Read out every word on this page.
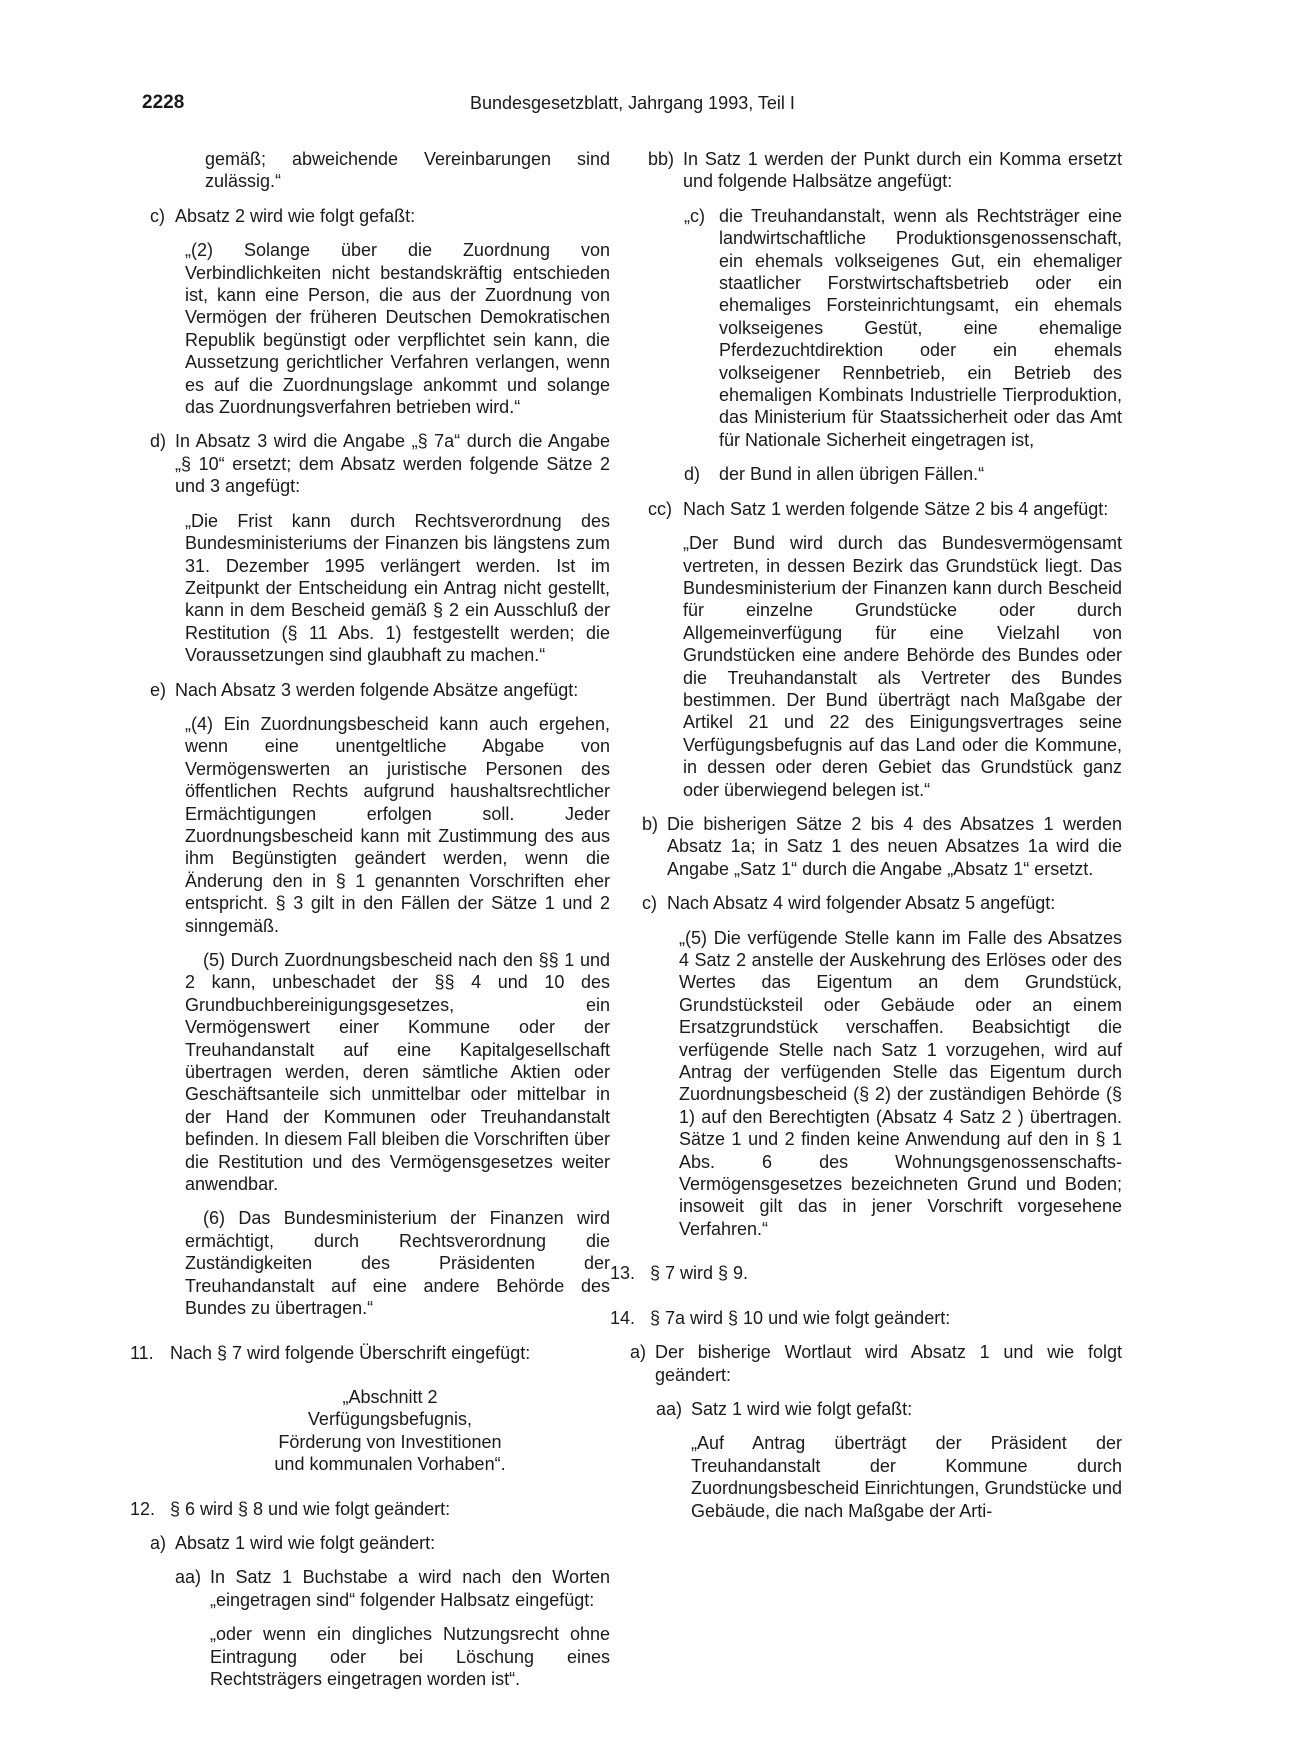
2228	Bundesgesetzblatt, Jahrgang 1993, Teil I

gemäß; abweichende Vereinbarungen sind zulässig.“

c) Absatz 2 wird wie folgt gefaßt:

„(2) Solange über die Zuordnung von Verbindlichkeiten nicht bestandskräftig entschieden ist, kann eine Person, die aus der Zuordnung von Vermögen der früheren Deutschen Demokratischen Republik begünstigt oder verpflichtet sein kann, die Aussetzung gerichtlicher Verfahren verlangen, wenn es auf die Zuordnungslage ankommt und solange das Zuordnungsverfahren betrieben wird.“

d) In Absatz 3 wird die Angabe „§ 7a“ durch die Angabe „§ 10“ ersetzt; dem Absatz werden folgende Sätze 2 und 3 angefügt:

„Die Frist kann durch Rechtsverordnung des Bundesministeriums der Finanzen bis längstens zum 31. Dezember 1995 verlängert werden. Ist im Zeitpunkt der Entscheidung ein Antrag nicht gestellt, kann in dem Bescheid gemäß § 2 ein Ausschluß der Restitution (§ 11 Abs. 1) festgestellt werden; die Voraussetzungen sind glaubhaft zu machen.“

e) Nach Absatz 3 werden folgende Absätze angefügt:

„(4) Ein Zuordnungsbescheid kann auch ergehen, wenn eine unentgeltliche Abgabe von Vermögenswerten an juristische Personen des öffentlichen Rechts aufgrund haushaltsrechtlicher Ermächtigungen erfolgen soll. Jeder Zuordnungsbescheid kann mit Zustimmung des aus ihm Begünstigten geändert werden, wenn die Änderung den in § 1 genannten Vorschriften eher entspricht. § 3 gilt in den Fällen der Sätze 1 und 2 sinngemäß.

(5) Durch Zuordnungsbescheid nach den §§ 1 und 2 kann, unbeschadet der §§ 4 und 10 des Grundbuchbereinigungsgesetzes, ein Vermögenswert einer Kommune oder der Treuhandanstalt auf eine Kapitalgesellschaft übertragen werden, deren sämtliche Aktien oder Geschäftsanteile sich unmittelbar oder mittelbar in der Hand der Kommunen oder Treuhandanstalt befinden. In diesem Fall bleiben die Vorschriften über die Restitution und des Vermögensgesetzes weiter anwendbar.

(6) Das Bundesministerium der Finanzen wird ermächtigt, durch Rechtsverordnung die Zuständigkeiten des Präsidenten der Treuhandanstalt auf eine andere Behörde des Bundes zu übertragen.“

11. Nach § 7 wird folgende Überschrift eingefügt:

„Abschnitt 2

Verfügungsbefugnis,

Förderung von Investitionen

und kommunalen Vorhaben“.

12. § 6 wird § 8 und wie folgt geändert:
a) Absatz 1 wird wie folgt geändert:
aa) In Satz 1 Buchstabe a wird nach den Worten „eingetragen sind“ folgender Halbsatz eingefügt:

„oder wenn ein dingliches Nutzungsrecht ohne Eintragung oder bei Löschung eines Rechtsträgers eingetragen worden ist“.

bb) In Satz 1 werden der Punkt durch ein Komma ersetzt und folgende Halbsätze angefügt:
„c) die Treuhandanstalt, wenn als Rechtsträger eine landwirtschaftliche Produktionsgenossenschaft, ein ehemals volkseigenes Gut, ein ehemaliger staatlicher Forstwirtschaftsbetrieb oder ein ehemaliges Forsteinrichtungsamt, ein ehemals volkseigenes Gestüt, eine ehemalige Pferdezuchtdirektion oder ein ehemals volkseigener Rennbetrieb, ein Betrieb des ehemaligen Kombinats Industrielle Tierproduktion, das Ministerium für Staatssicherheit oder das Amt für Nationale Sicherheit eingetragen ist,
d)	der Bund in allen übrigen Fällen.“
cc) Nach Satz 1 werden folgende Sätze 2 bis 4 angefügt:

„Der Bund wird durch das Bundesvermögensamt vertreten, in dessen Bezirk das Grundstück liegt. Das Bundesministerium der Finanzen kann durch Bescheid für einzelne Grundstücke oder durch Allgemeinverfügung für eine Vielzahl von Grundstücken eine andere Behörde des Bundes oder die Treuhandanstalt als Vertreter des Bundes bestimmen. Der Bund überträgt nach Maßgabe der Artikel 21 und 22 des Einigungsvertrages seine Verfügungsbefugnis auf das Land oder die Kommune, in dessen oder deren Gebiet das Grundstück ganz oder überwiegend belegen ist.“

b) Die bisherigen Sätze 2 bis 4 des Absatzes 1 werden Absatz 1a; in Satz 1 des neuen Absatzes 1a wird die Angabe „Satz 1“ durch die Angabe „Absatz 1“ ersetzt.
c) Nach Absatz 4 wird folgender Absatz 5 angefügt:

„(5) Die verfügende Stelle kann im Falle des Absatzes 4 Satz 2 anstelle der Auskehrung des Erlöses oder des Wertes das Eigentum an dem Grundstück, Grundstücksteil oder Gebäude oder an einem Ersatzgrundstück verschaffen. Beabsichtigt die verfügende Stelle nach Satz 1 vorzugehen, wird auf Antrag der verfügenden Stelle das Eigentum durch Zuordnungsbescheid (§ 2) der zuständigen Behörde (§ 1) auf den Berechtigten (Absatz 4 Satz 2 ) übertragen. Sätze 1 und 2 finden keine Anwendung auf den in § 1 Abs. 6 des Wohnungsgenossenschafts-Vermögensgesetzes bezeichneten Grund und Boden; insoweit gilt das in jener Vorschrift vorgesehene Verfahren.“

13. § 7 wird § 9.
14. § 7a wird § 10 und wie folgt geändert:
a) Der bisherige Wortlaut wird Absatz 1 und wie folgt geändert:
aa) Satz 1 wird wie folgt gefaßt:

„Auf Antrag überträgt der Präsident der Treuhandanstalt der Kommune durch Zuordnungsbescheid Einrichtungen, Grundstücke und Gebäude, die nach Maßgabe der Arti-
